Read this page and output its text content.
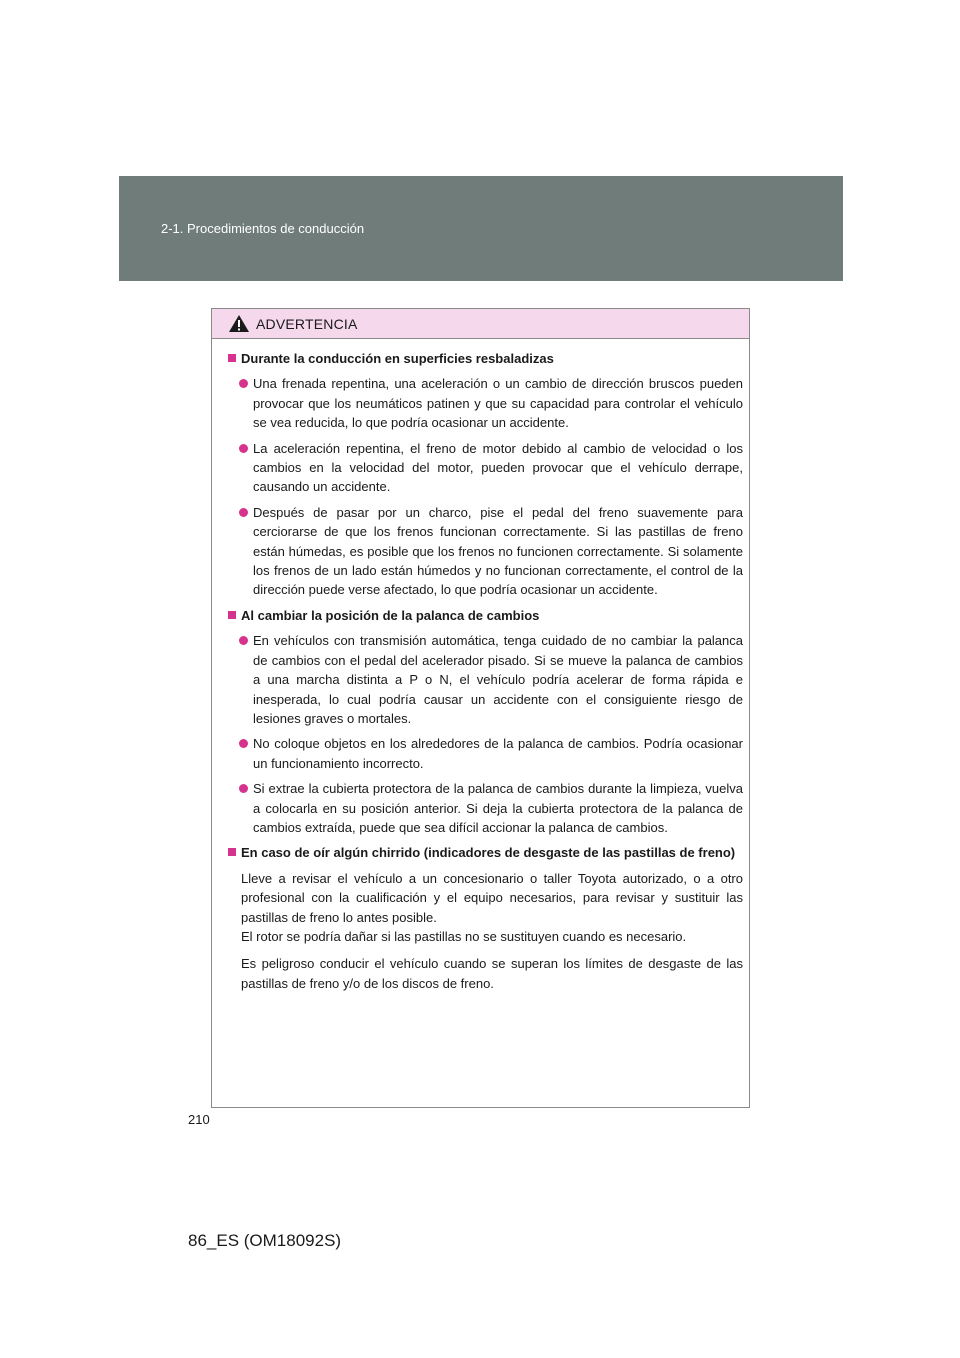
2-1. Procedimientos de conducción
ADVERTENCIA
Durante la conducción en superficies resbaladizas
Una frenada repentina, una aceleración o un cambio de dirección bruscos pueden provocar que los neumáticos patinen y que su capacidad para controlar el vehículo se vea reducida, lo que podría ocasionar un accidente.
La aceleración repentina, el freno de motor debido al cambio de velocidad o los cambios en la velocidad del motor, pueden provocar que el vehículo derrape, causando un accidente.
Después de pasar por un charco, pise el pedal del freno suavemente para cerciorarse de que los frenos funcionan correctamente. Si las pastillas de freno están húmedas, es posible que los frenos no funcionen correctamente. Si solamente los frenos de un lado están húmedos y no funcionan correctamente, el control de la dirección puede verse afectado, lo que podría ocasionar un accidente.
Al cambiar la posición de la palanca de cambios
En vehículos con transmisión automática, tenga cuidado de no cambiar la palanca de cambios con el pedal del acelerador pisado. Si se mueve la palanca de cambios a una marcha distinta a P o N, el vehículo podría acelerar de forma rápida e inesperada, lo cual podría causar un accidente con el consiguiente riesgo de lesiones graves o mortales.
No coloque objetos en los alrededores de la palanca de cambios. Podría ocasionar un funcionamiento incorrecto.
Si extrae la cubierta protectora de la palanca de cambios durante la limpieza, vuelva a colocarla en su posición anterior. Si deja la cubierta protectora de la palanca de cambios extraída, puede que sea difícil accionar la palanca de cambios.
En caso de oír algún chirrido (indicadores de desgaste de las pastillas de freno)
Lleve a revisar el vehículo a un concesionario o taller Toyota autorizado, o a otro profesional con la cualificación y el equipo necesarios, para revisar y sustituir las pastillas de freno lo antes posible.
El rotor se podría dañar si las pastillas no se sustituyen cuando es necesario.
Es peligroso conducir el vehículo cuando se superan los límites de desgaste de las pastillas de freno y/o de los discos de freno.
210
86_ES (OM18092S)
